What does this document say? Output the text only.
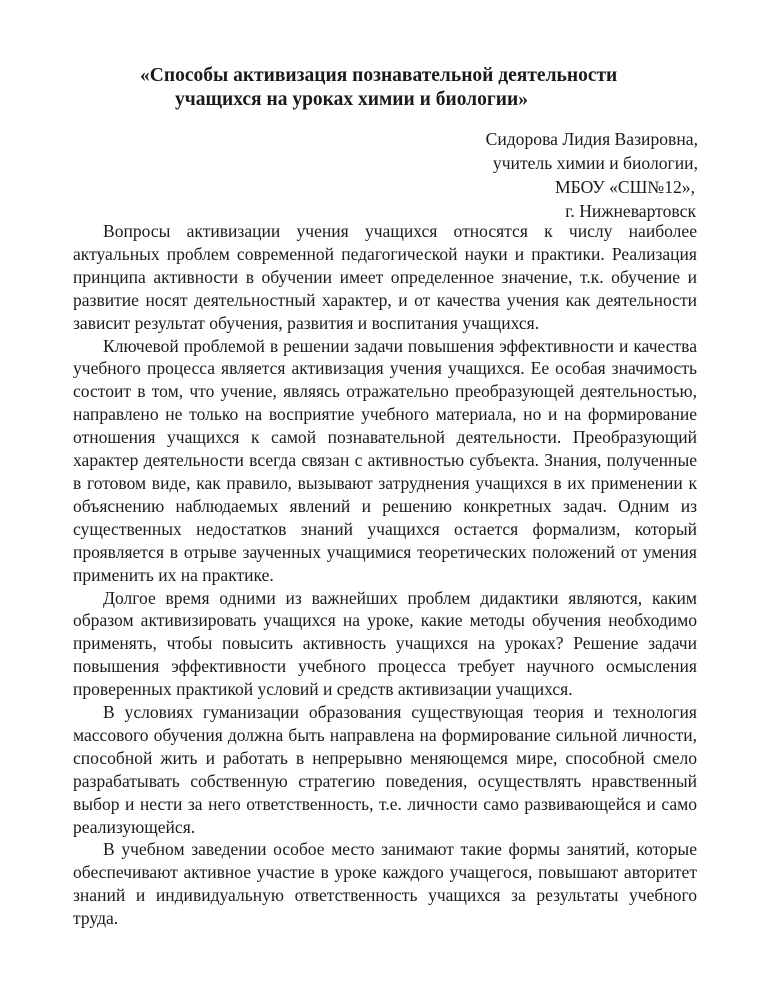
«Способы активизация познавательной деятельности
учащихся на уроках химии и биологии»
Сидорова Лидия Вазировна,
учитель химии и биологии,
МБОУ «СШ№12»,
г. Нижневартовск

Вопросы активизации учения учащихся относятся к числу наиболее актуальных проблем современной педагогической науки и практики. Реализация принципа активности в обучении имеет определенное значение, т.к. обучение и развитие носят деятельностный характер, и от качества учения как деятельности зависит результат обучения, развития и воспитания учащихся.

Ключевой проблемой в решении задачи повышения эффективности и качества учебного процесса является активизация учения учащихся. Ее особая значимость состоит в том, что учение, являясь отражательно преобразующей деятельностью, направлено не только на восприятие учебного материала, но и на формирование отношения учащихся к самой познавательной деятельности. Преобразующий характер деятельности всегда связан с активностью субъекта. Знания, полученные в готовом виде, как правило, вызывают затруднения учащихся в их применении к объяснению наблюдаемых явлений и решению конкретных задач. Одним из существенных недостатков знаний учащихся остается формализм, который проявляется в отрыве заученных учащимися теоретических положений от умения применить их на практике.

Долгое время одними из важнейших проблем дидактики являются, каким образом активизировать учащихся на уроке, какие методы обучения необходимо применять, чтобы повысить активность учащихся на уроках? Решение задачи повышения эффективности учебного процесса требует научного осмысления проверенных практикой условий и средств активизации учащихся.

В условиях гуманизации образования существующая теория и технология массового обучения должна быть направлена на формирование сильной личности, способной жить и работать в непрерывно меняющемся мире, способной смело разрабатывать собственную стратегию поведения, осуществлять нравственный выбор и нести за него ответственность, т.е. личности само развивающейся и само реализующейся.

В учебном заведении особое место занимают такие формы занятий, которые обеспечивают активное участие в уроке каждого учащегося, повышают авторитет знаний и индивидуальную ответственность учащихся за результаты учебного труда.
